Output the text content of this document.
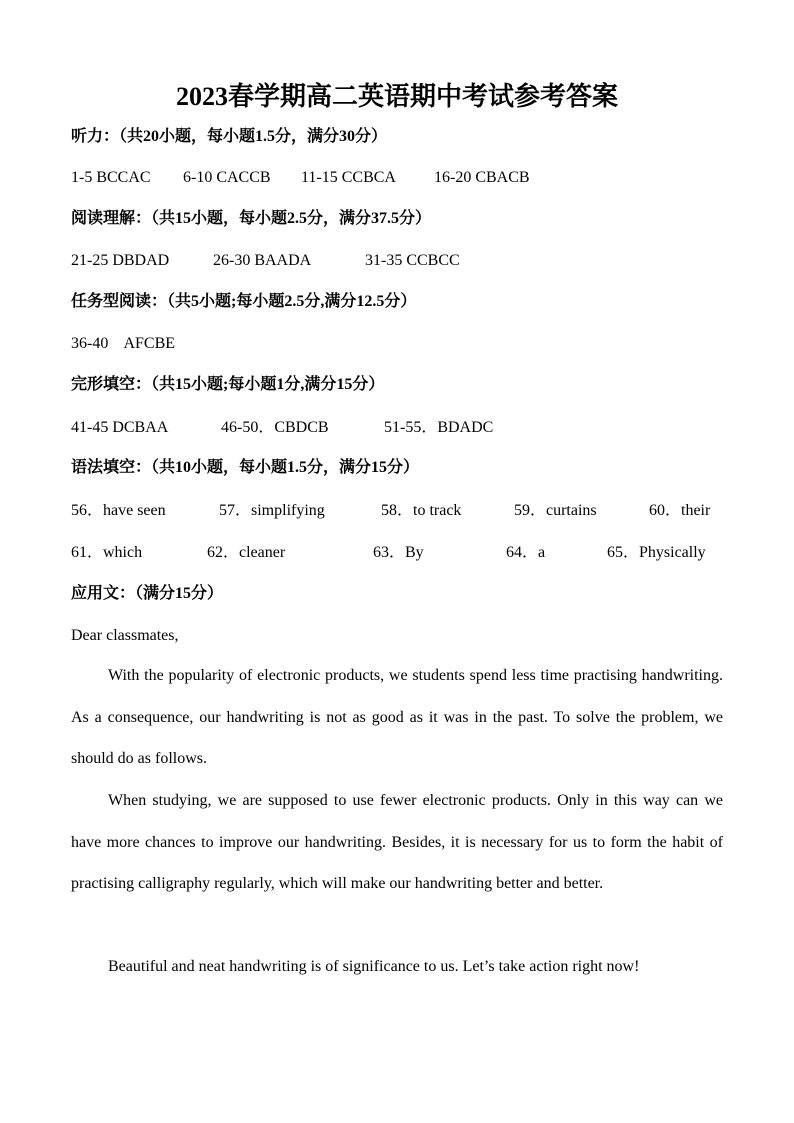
2023春学期高二英语期中考试参考答案
听力：（共20小题，每小题1.5分，满分30分）
1-5 BCCAC 6-10 CACCB 11-15 CCBCA 16-20 CBACB
阅读理解：（共15小题，每小题2.5分，满分37.5分）
21-25 DBDAD	26-30 BAADA	31-35 CCBCC
任务型阅读：（共5小题;每小题2.5分,满分12.5分）

36-40    AFCBE

完形填空：（共15小题;每小题1分,满分15分）
41-45 DCBAA	46-50．CBDCB	51-55．BDADC
语法填空：（共10小题，每小题1.5分，满分15分）
56．have seen	57．simplifying	58．to track	59．curtains	60．their
61．which	62．cleaner	63．By	64．a	65．Physically
应用文：（满分15分）
Dear classmates,

With the popularity of electronic products, we students spend less time practising handwriting. As a consequence, our handwriting is not as good as it was in the past. To solve the problem, we should do as follows.

When studying, we are supposed to use fewer electronic products. Only in this way can we have more chances to improve our handwriting. Besides, it is necessary for us to form the habit of practising calligraphy regularly, which will make our handwriting better and better.

Beautiful and neat handwriting is of significance to us. Let’s take action right now!
